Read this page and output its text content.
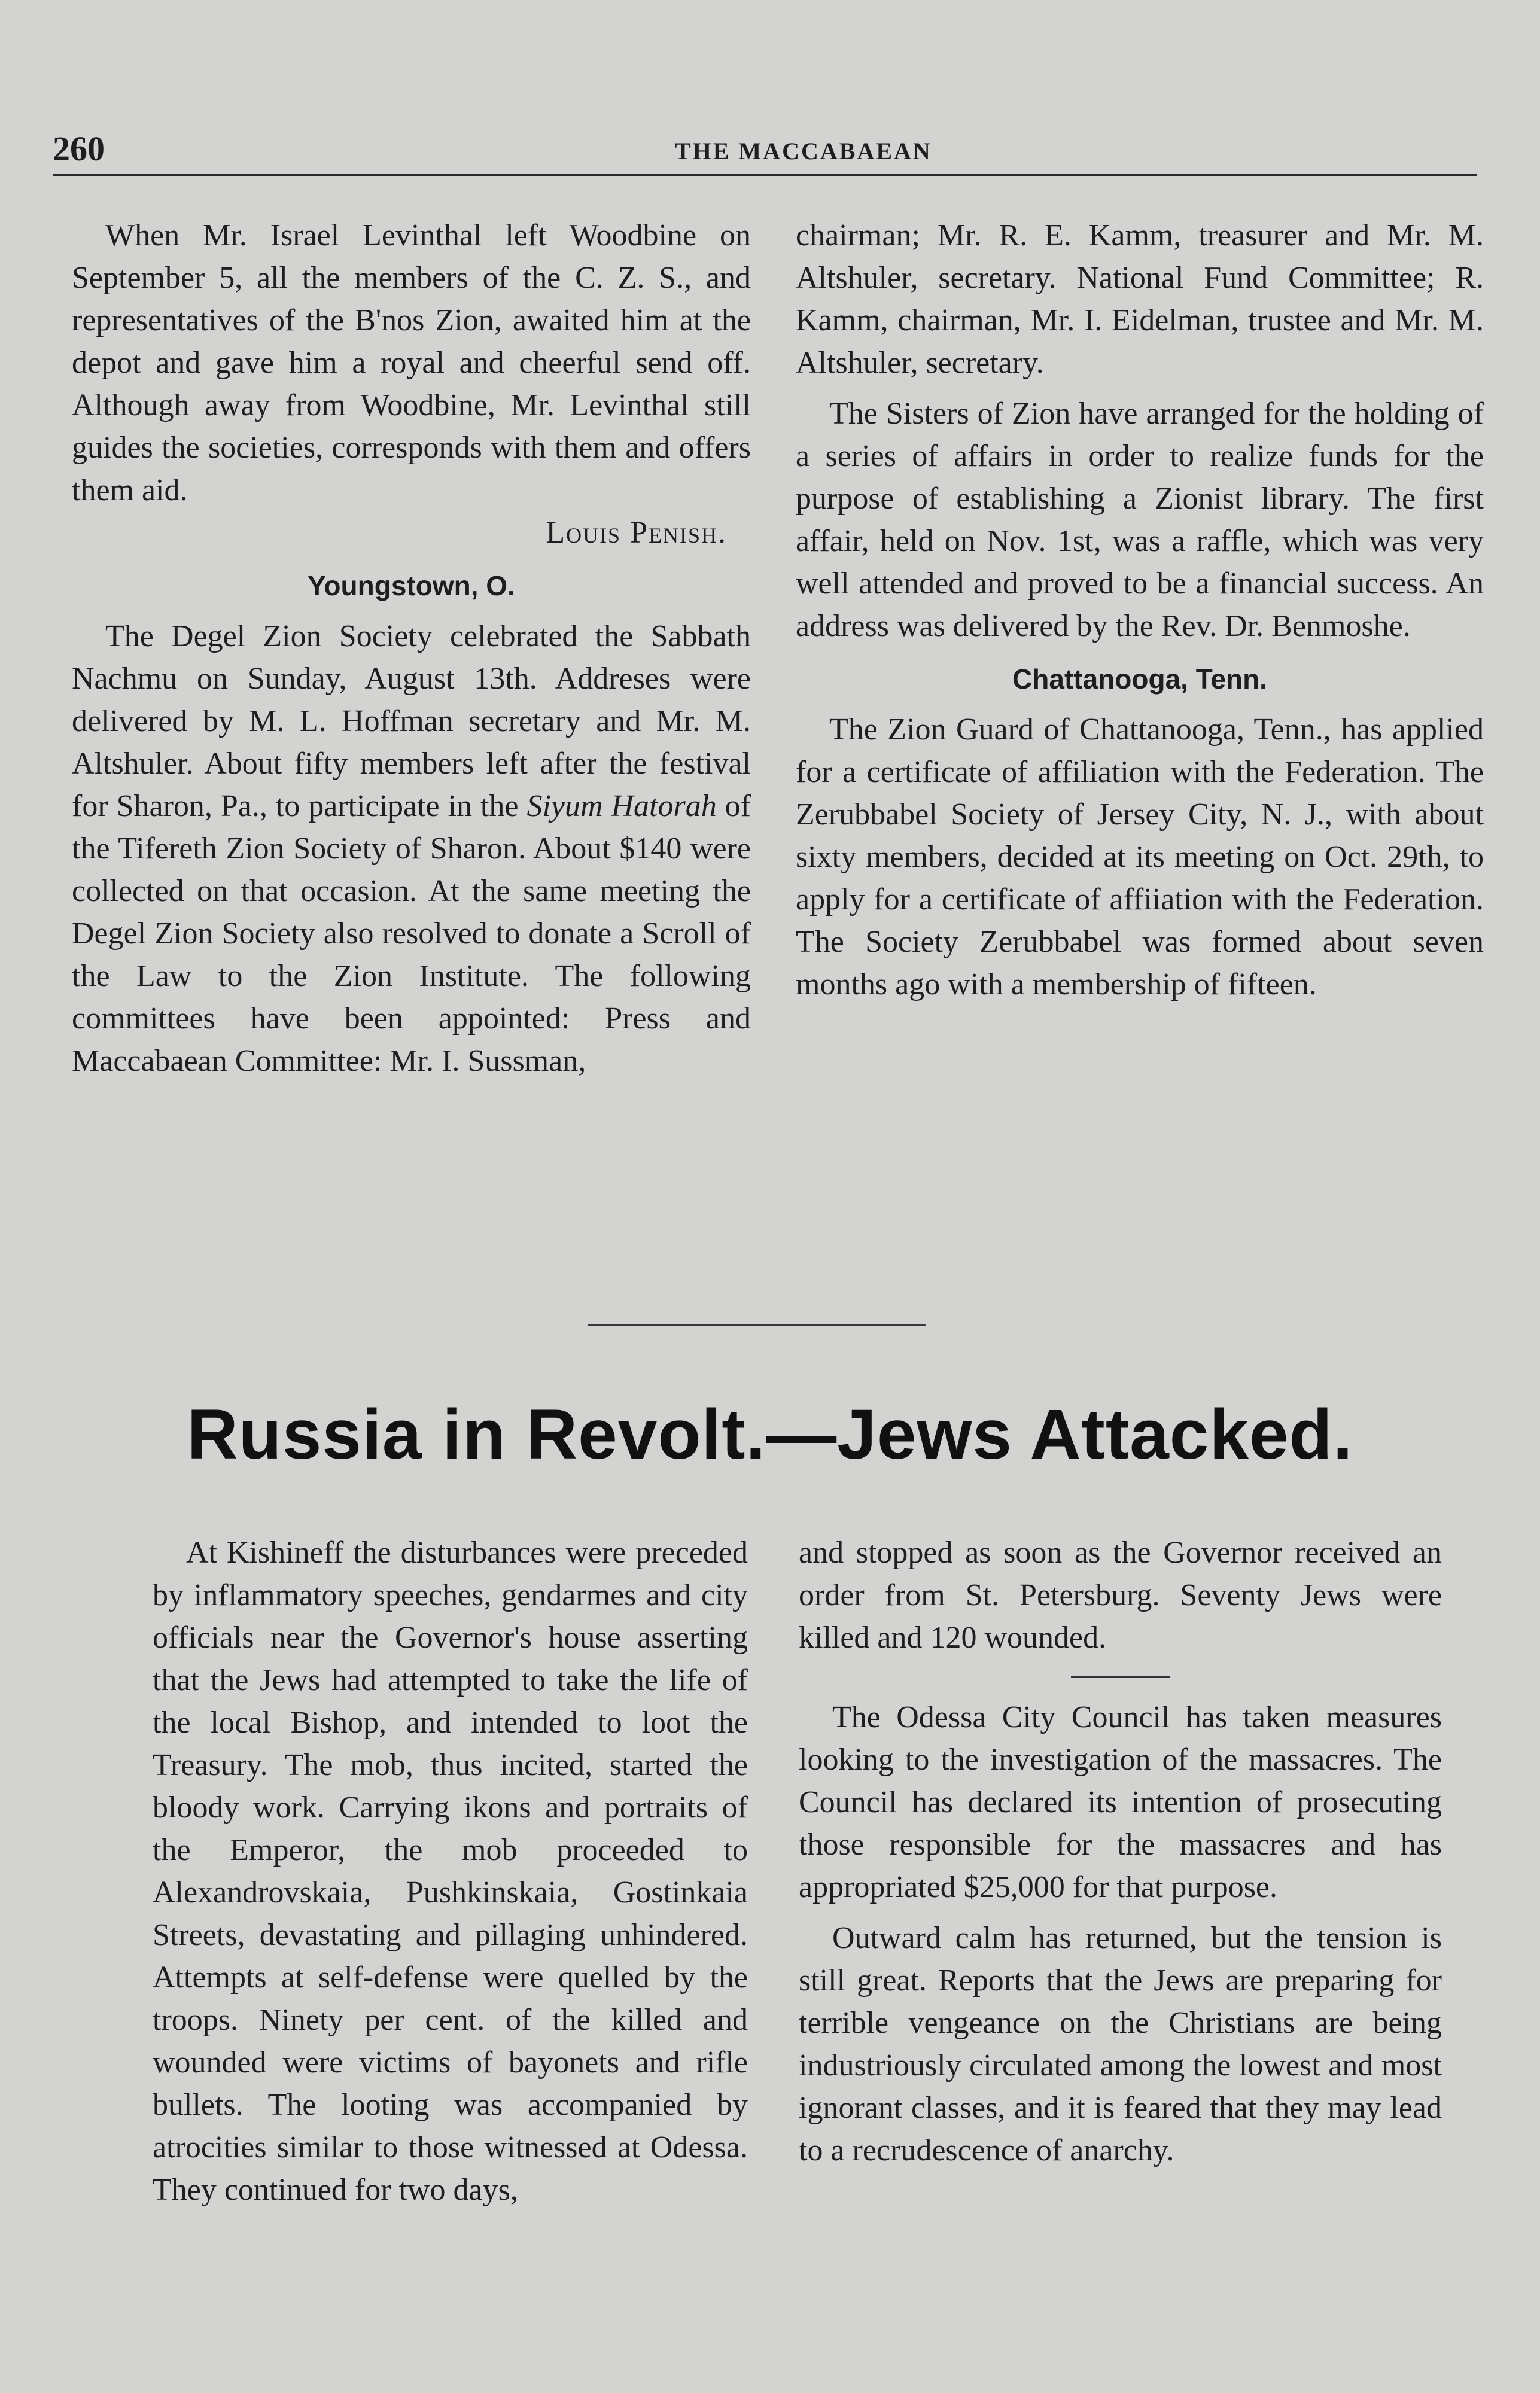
260	THE MACCABAEAN

When Mr. Israel Levinthal left Woodbine on September 5, all the members of the C. Z. S., and representatives of the B'nos Zion, awaited him at the depot and gave him a royal and cheerful send off. Although away from Woodbine, Mr. Levinthal still guides the societies, corresponds with them and offers them aid.

Louis Penish.

Youngstown, O.

The Degel Zion Society celebrated the Sabbath Nachmu on Sunday, August 13th. Addreses were delivered by M. L. Hoffman secretary and Mr. M. Altshuler. About fifty members left after the festival for Sharon, Pa., to participate in the Siyum Hatorah of the Tifereth Zion Society of Sharon. About $140 were collected on that occasion. At the same meeting the Degel Zion Society also resolved to donate a Scroll of the Law to the Zion Institute. The following committees have been appointed: Press and Maccabaean Committee: Mr. I. Sussman,

chairman; Mr. R. E. Kamm, treasurer and Mr. M. Altshuler, secretary. National Fund Committee; R. Kamm, chairman, Mr. I. Eidelman, trustee and Mr. M. Altshuler, secretary.

The Sisters of Zion have arranged for the holding of a series of affairs in order to realize funds for the purpose of establishing a Zionist library. The first affair, held on Nov. 1st, was a raffle, which was very well attended and proved to be a financial success. An address was delivered by the Rev. Dr. Benmoshe.

Chattanooga, Tenn.

The Zion Guard of Chattanooga, Tenn., has applied for a certificate of affiliation with the Federation. The Zerubbabel Society of Jersey City, N. J., with about sixty members, decided at its meeting on Oct. 29th, to apply for a certificate of affiiation with the Federation. The Society Zerubbabel was formed about seven months ago with a membership of fifteen.

Russia in Revolt.—Jews Attacked.

At Kishineff the disturbances were preceded by inflammatory speeches, gendarmes and city officials near the Governor's house asserting that the Jews had attempted to take the life of the local Bishop, and intended to loot the Treasury. The mob, thus incited, started the bloody work. Carrying ikons and portraits of the Emperor, the mob proceeded to Alexandrovskaia, Pushkinskaia, Gostinkaia Streets, devastating and pillaging unhindered. Attempts at self-defense were quelled by the troops. Ninety per cent. of the killed and wounded were victims of bayonets and rifle bullets. The looting was accompanied by atrocities similar to those witnessed at Odessa. They continued for two days,

and stopped as soon as the Governor received an order from St. Petersburg. Seventy Jews were killed and 120 wounded.

The Odessa City Council has taken measures looking to the investigation of the massacres. The Council has declared its intention of prosecuting those responsible for the massacres and has appropriated $25,000 for that purpose.

Outward calm has returned, but the tension is still great. Reports that the Jews are preparing for terrible vengeance on the Christians are being industriously circulated among the lowest and most ignorant classes, and it is feared that they may lead to a recrudescence of anarchy.
